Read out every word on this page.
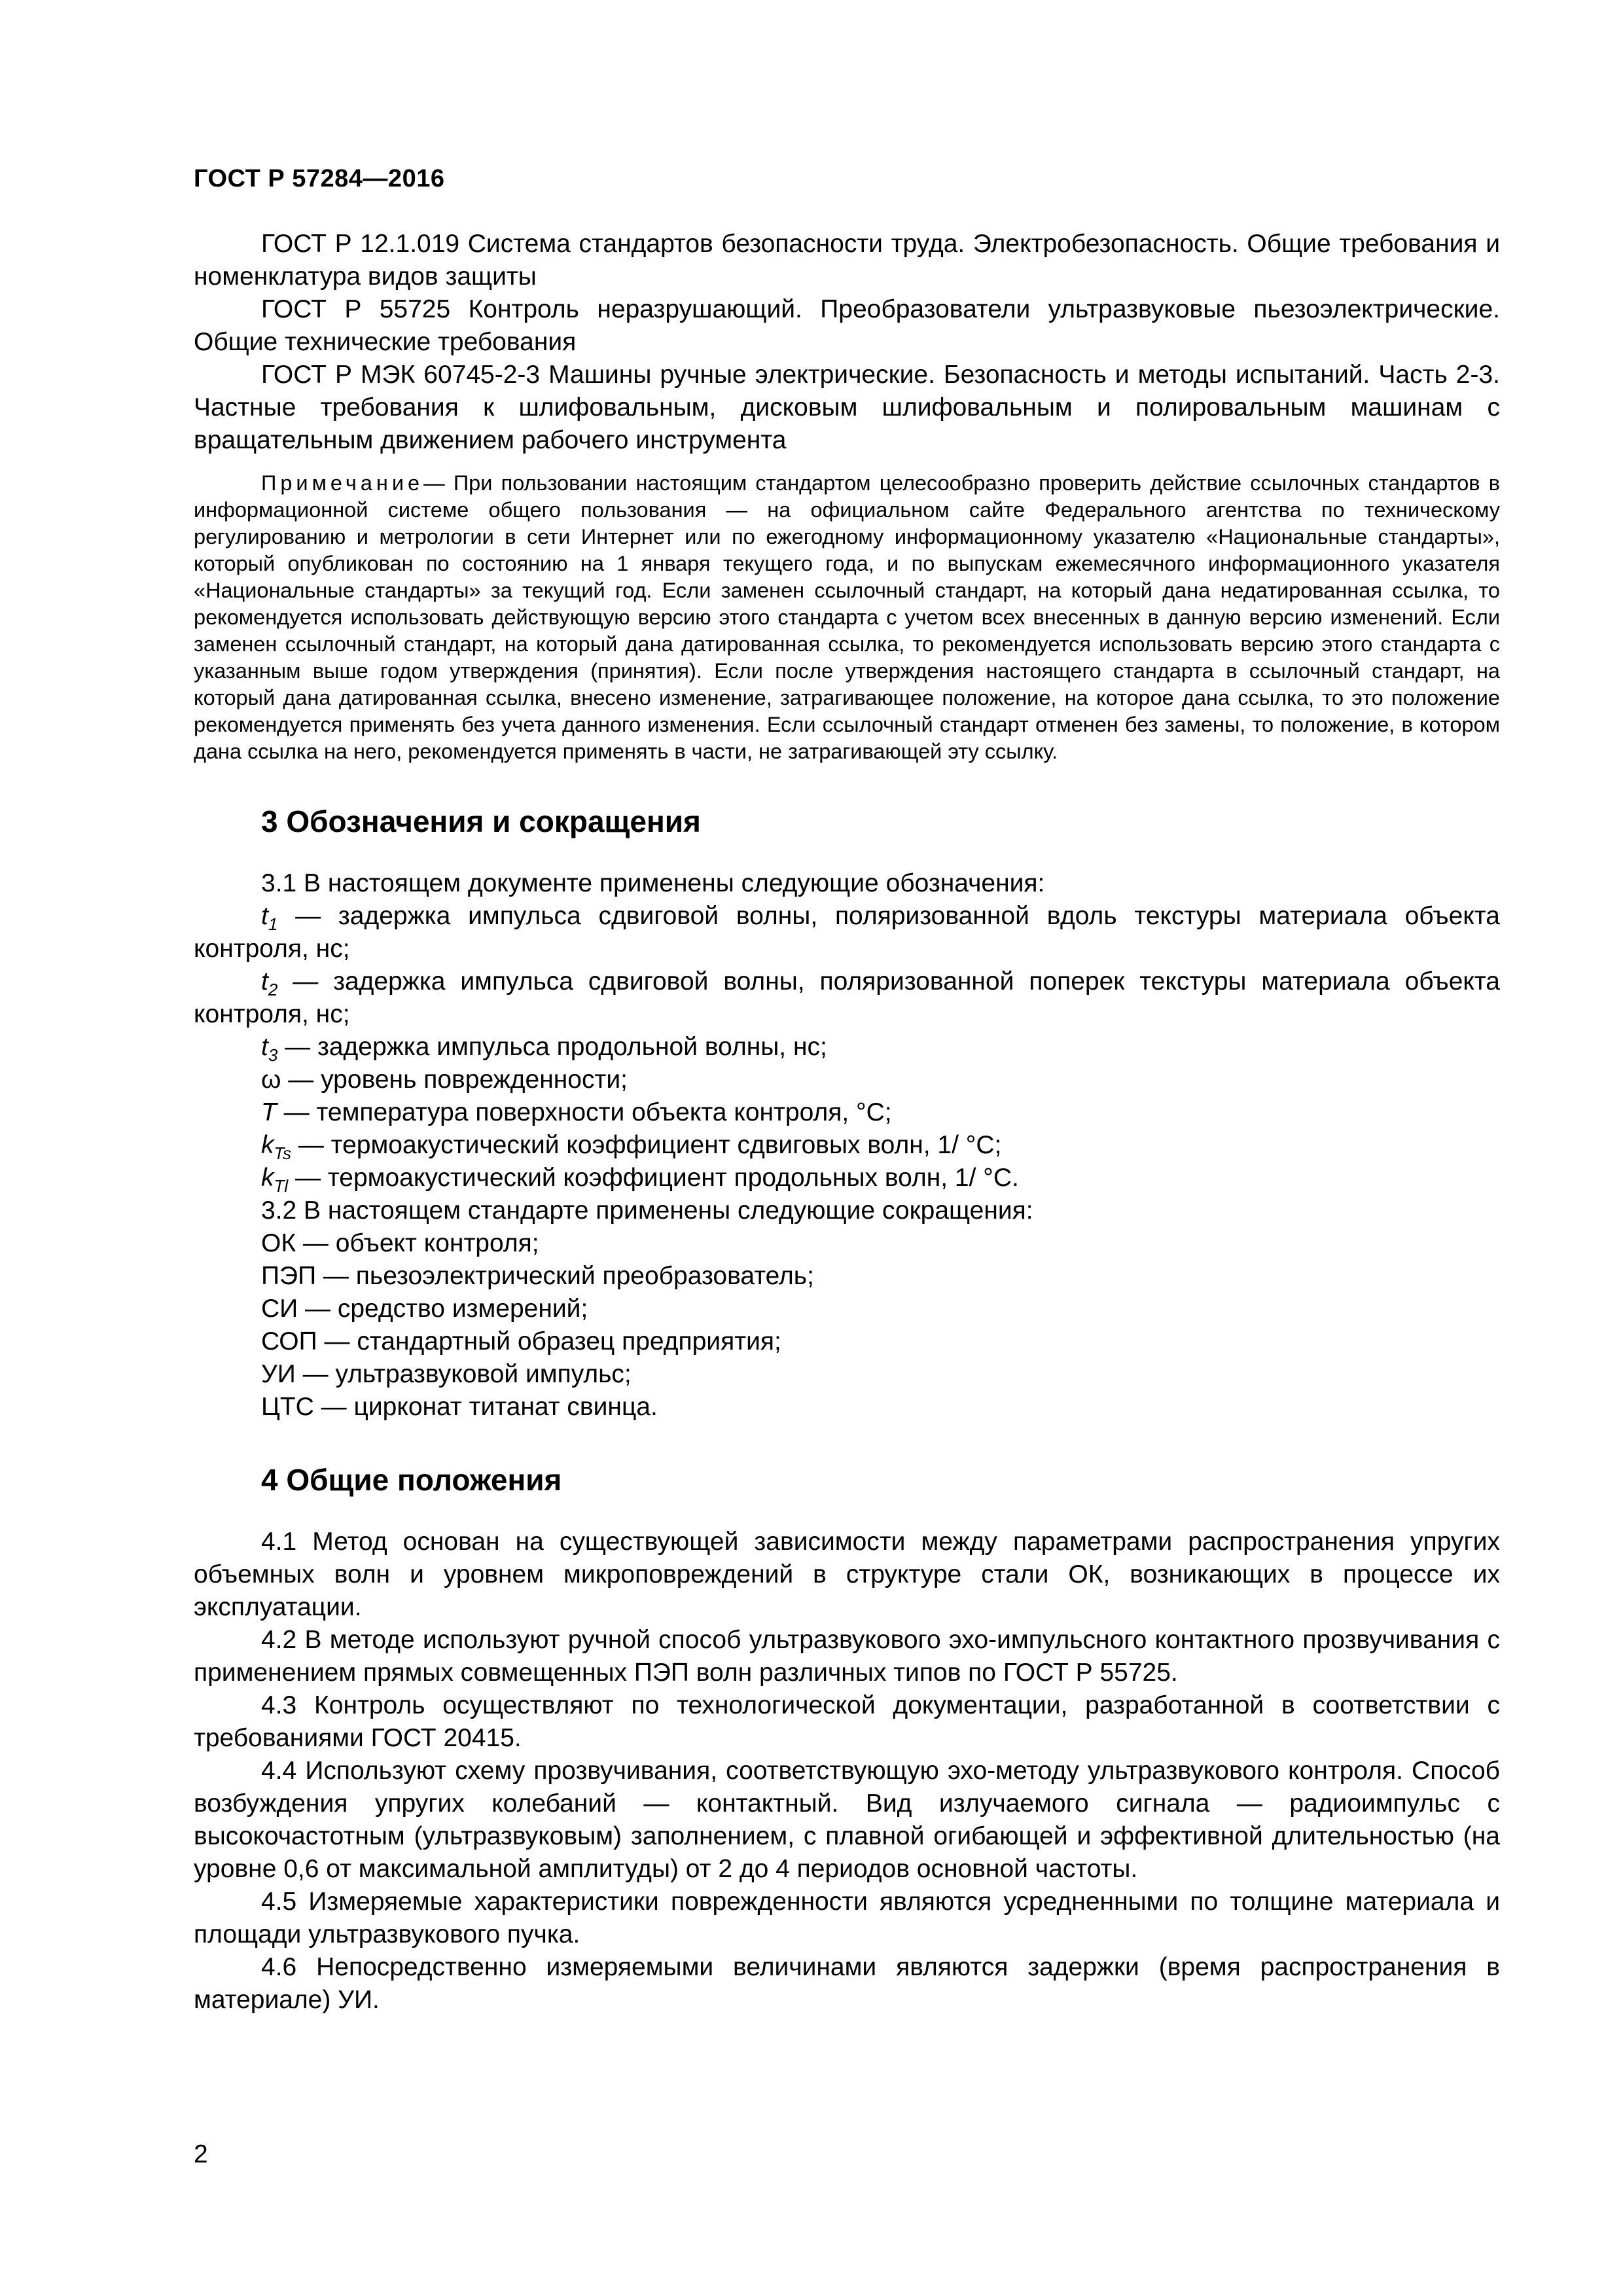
ГОСТ Р 57284—2016

ГОСТ Р 12.1.019 Система стандартов безопасности труда. Электробезопасность. Общие требования и номенклатура видов защиты

ГОСТ Р 55725 Контроль неразрушающий. Преобразователи ультразвуковые пьезоэлектрические. Общие технические требования

ГОСТ Р МЭК 60745-2-3 Машины ручные электрические. Безопасность и методы испытаний. Часть 2-3. Частные требования к шлифовальным, дисковым шлифовальным и полировальным машинам с вращательным движением рабочего инструмента

Примечание— При пользовании настоящим стандартом целесообразно проверить действие ссылочных стандартов в информационной системе общего пользования — на официальном сайте Федерального агентства по техническому регулированию и метрологии в сети Интернет или по ежегодному информационному указателю «Национальные стандарты», который опубликован по состоянию на 1 января текущего года, и по выпускам ежемесячного информационного указателя «Национальные стандарты» за текущий год. Если заменен ссылочный стандарт, на который дана недатированная ссылка, то рекомендуется использовать действующую версию этого стандарта с учетом всех внесенных в данную версию изменений. Если заменен ссылочный стандарт, на который дана датированная ссылка, то рекомендуется использовать версию этого стандарта с указанным выше годом утверждения (принятия). Если после утверждения настоящего стандарта в ссылочный стандарт, на который дана датированная ссылка, внесено изменение, затрагивающее положение, на которое дана ссылка, то это положение рекомендуется применять без учета данного изменения. Если ссылочный стандарт отменен без замены, то положение, в котором дана ссылка на него, рекомендуется применять в части, не затрагивающей эту ссылку.

3 Обозначения и сокращения

3.1 В настоящем документе применены следующие обозначения:

$t_1$ — задержка импульса сдвиговой волны, поляризованной вдоль текстуры материала объекта контроля, нс;

$t_2$ — задержка импульса сдвиговой волны, поляризованной поперек текстуры материала объекта контроля, нс;

$t_3$ — задержка импульса продольной волны, нс;

ω — уровень поврежденности;

T — температура поверхности объекта контроля, °С;

$k_{Ts}$ — термоакустический коэффициент сдвиговых волн, 1/ °С;

$k_{Tl}$ — термоакустический коэффициент продольных волн, 1/ °С.

3.2 В настоящем стандарте применены следующие сокращения:

ОК — объект контроля;

ПЭП — пьезоэлектрический преобразователь;

СИ — средство измерений;

СОП — стандартный образец предприятия;

УИ — ультразвуковой импульс;

ЦТС — цирконат титанат свинца.

4 Общие положения

4.1 Метод основан на существующей зависимости между параметрами распространения упругих объемных волн и уровнем микроповреждений в структуре стали ОК, возникающих в процессе их эксплуатации.

4.2 В методе используют ручной способ ультразвукового эхо-импульсного контактного прозвучивания с применением прямых совмещенных ПЭП волн различных типов по ГОСТ Р 55725.

4.3 Контроль осуществляют по технологической документации, разработанной в соответствии с требованиями ГОСТ 20415.

4.4 Используют схему прозвучивания, соответствующую эхо-методу ультразвукового контроля. Способ возбуждения упругих колебаний — контактный. Вид излучаемого сигнала — радиоимпульс с высокочастотным (ультразвуковым) заполнением, с плавной огибающей и эффективной длительностью (на уровне 0,6 от максимальной амплитуды) от 2 до 4 периодов основной частоты.

4.5 Измеряемые характеристики поврежденности являются усредненными по толщине материала и площади ультразвукового пучка.

4.6 Непосредственно измеряемыми величинами являются задержки (время распространения в материале) УИ.

2
